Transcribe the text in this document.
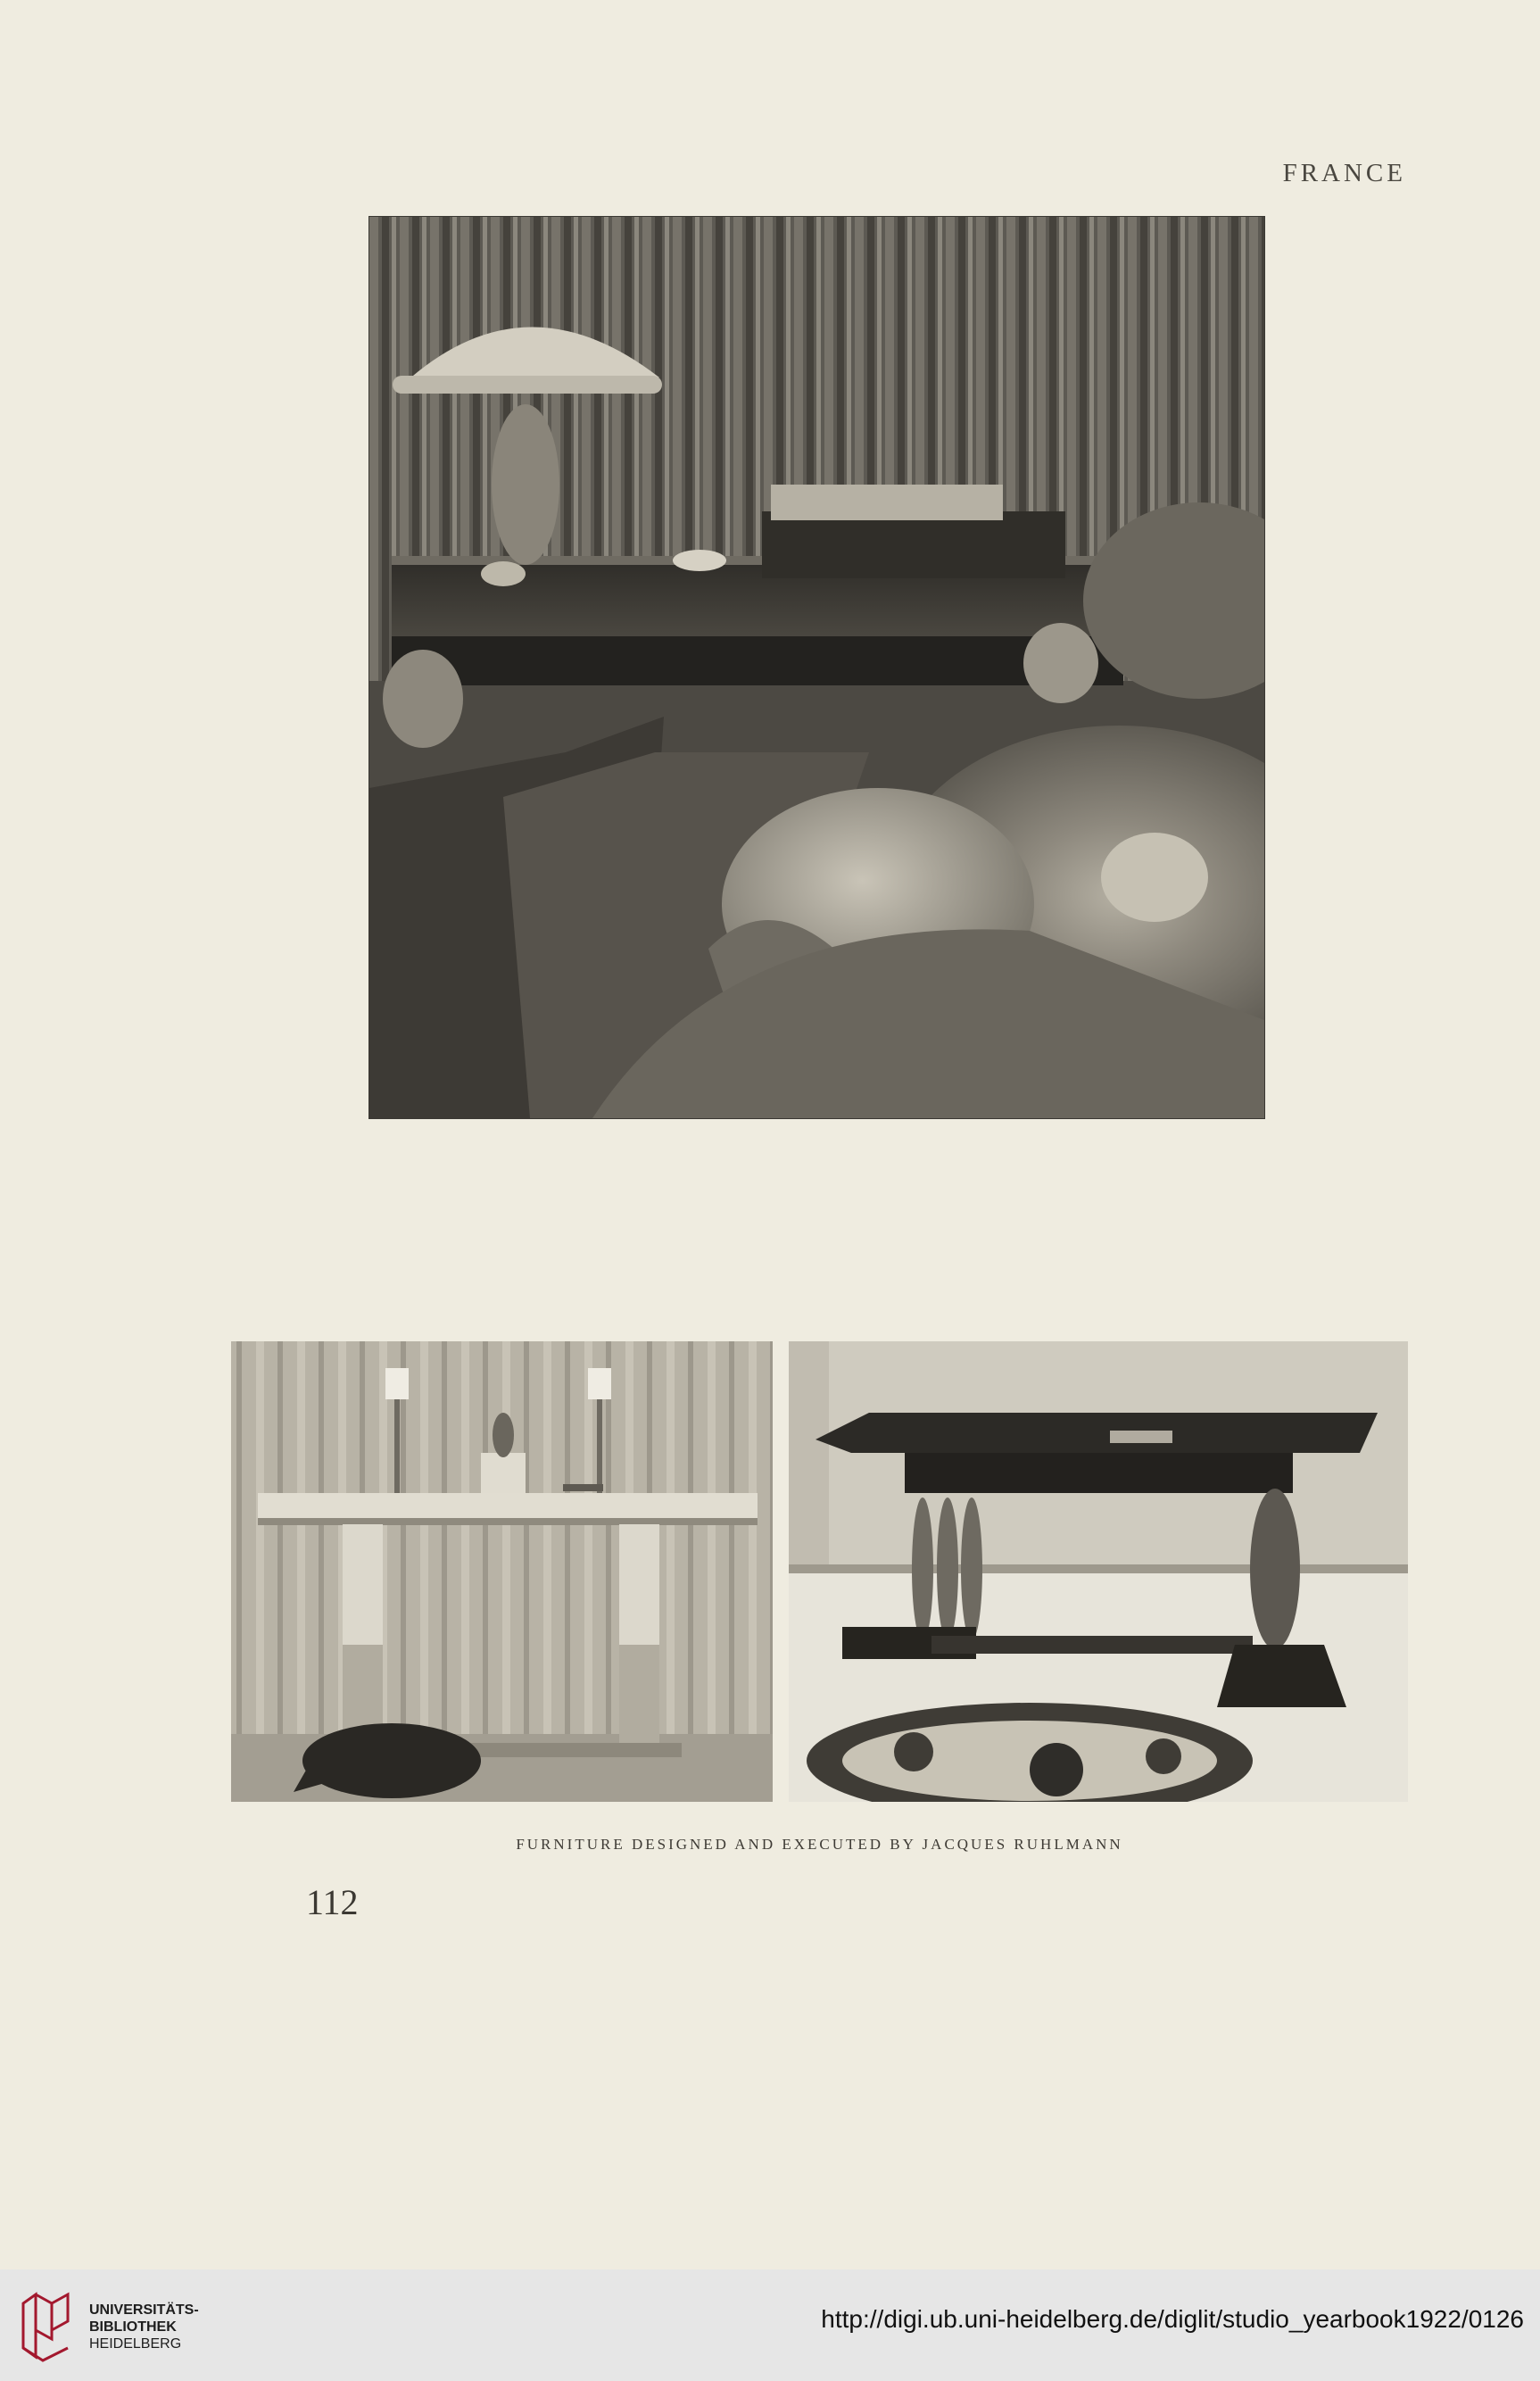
FRANCE
FURNITURE DESIGNED AND EXECUTED BY JACQUES RUHLMANN
112
UNIVERSITÄTS-
BIBLIOTHEK
HEIDELBERG
http://digi.ub.uni-heidelberg.de/diglit/studio_yearbook1922/0126
